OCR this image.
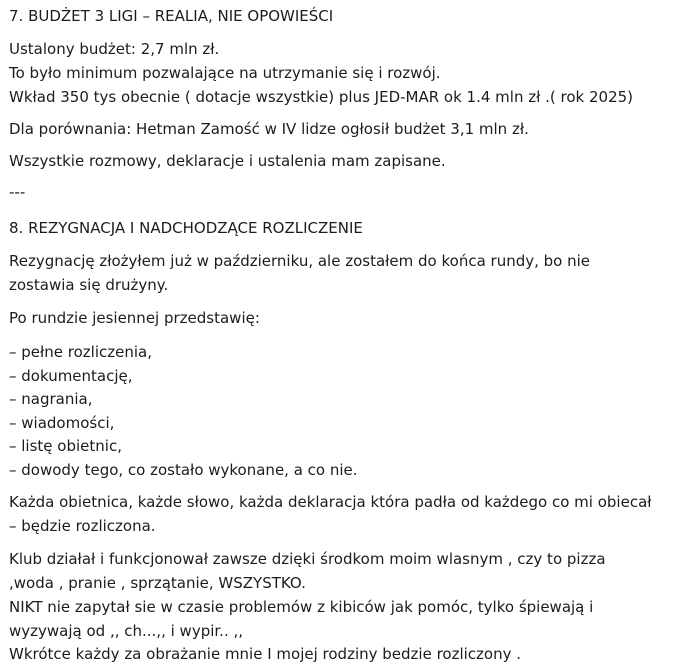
7. BUDŻET 3 LIGI – REALIA, NIE OPOWIEŚCI
Ustalony budżet: 2,7 mln zł.
To było minimum pozwalające na utrzymanie się i rozwój.
Wkład 350 tys obecnie ( dotacje wszystkie) plus JED-MAR ok 1.4 mln zł .( rok 2025)
Dla porównania: Hetman Zamość w IV lidze ogłosił budżet 3,1 mln zł.
Wszystkie rozmowy, deklaracje i ustalenia mam zapisane.
---
8. REZYGNACJA I NADCHODZĄCE ROZLICZENIE
Rezygnację złożyłem już w październiku, ale zostałem do końca rundy, bo nie
zostawia się drużyny.
Po rundzie jesiennej przedstawię:
– pełne rozliczenia,
– dokumentację,
– nagrania,
– wiadomości,
– listę obietnic,
– dowody tego, co zostało wykonane, a co nie.
Każda obietnica, każde słowo, każda deklaracja która padła od każdego co mi obiecał
– będzie rozliczona.
Klub działał i funkcjonował zawsze dzięki środkom moim wlasnym , czy to pizza
,woda , pranie , sprzątanie, WSZYSTKO.
NIKT nie zapytał sie w czasie problemów z kibiców jak pomóc, tylko śpiewają i
wyzywają od ,, ch...,, i wypir.. ,,
Wkrótce każdy za obrażanie mnie I mojej rodziny bedzie rozliczony .
